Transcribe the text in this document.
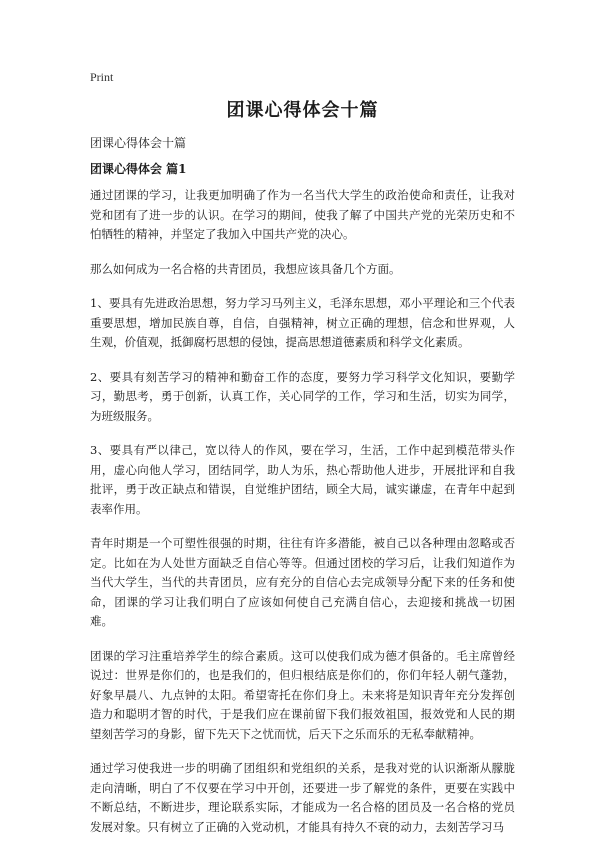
Print
团课心得体会十篇
团课心得体会十篇
团课心得体会 篇1

通过团课的学习，让我更加明确了作为一名当代大学生的政治使命和责任，让我对党和团有了进一步的认识。在学习的期间，使我了解了中国共产党的光荣历史和不怕牺牲的精神，并坚定了我加入中国共产党的决心。

那么如何成为一名合格的共青团员，我想应该具备几个方面。

1、要具有先进政治思想，努力学习马列主义，毛泽东思想，邓小平理论和三个代表重要思想，增加民族自尊，自信，自强精神，树立正确的理想，信念和世界观，人生观，价值观，抵御腐朽思想的侵蚀，提高思想道德素质和科学文化素质。

2、要具有刻苦学习的精神和勤奋工作的态度，要努力学习科学文化知识，要勤学习，勤思考，勇于创新，认真工作，关心同学的工作，学习和生活，切实为同学，为班级服务。

3、要具有严以律己，宽以待人的作风，要在学习，生活，工作中起到模范带头作用，虚心向他人学习，团结同学，助人为乐，热心帮助他人进步，开展批评和自我批评，勇于改正缺点和错误，自觉维护团结，顾全大局，诚实谦虚，在青年中起到表率作用。

青年时期是一个可塑性很强的时期，往往有许多潜能，被自己以各种理由忽略或否定。比如在为人处世方面缺乏自信心等等。但通过团校的学习后，让我们知道作为当代大学生，当代的共青团员，应有充分的自信心去完成领导分配下来的任务和使命，团课的学习让我们明白了应该如何使自己充满自信心，去迎接和挑战一切困难。

团课的学习注重培养学生的综合素质。这可以使我们成为德才俱备的。毛主席曾经说过：世界是你们的，也是我们的，但归根结底是你们的，你们年轻人朝气蓬勃，好象早晨八、九点钟的太阳。希望寄托在你们身上。未来将是知识青年充分发挥创造力和聪明才智的时代，于是我们应在课前留下我们报效祖国，报效党和人民的期望刻苦学习的身影，留下先天下之忧而忧，后天下之乐而乐的无私奉献精神。

通过学习使我进一步的明确了团组织和党组织的关系，是我对党的认识渐渐从朦胧走向清晰，明白了不仅要在学习中开创，还要进一步了解党的条件，更要在实践中不断总结，不断进步，理论联系实际，才能成为一名合格的团员及一名合格的党员发展对象。只有树立了正确的入党动机，才能具有持久不衰的动力，去刻苦学习马
